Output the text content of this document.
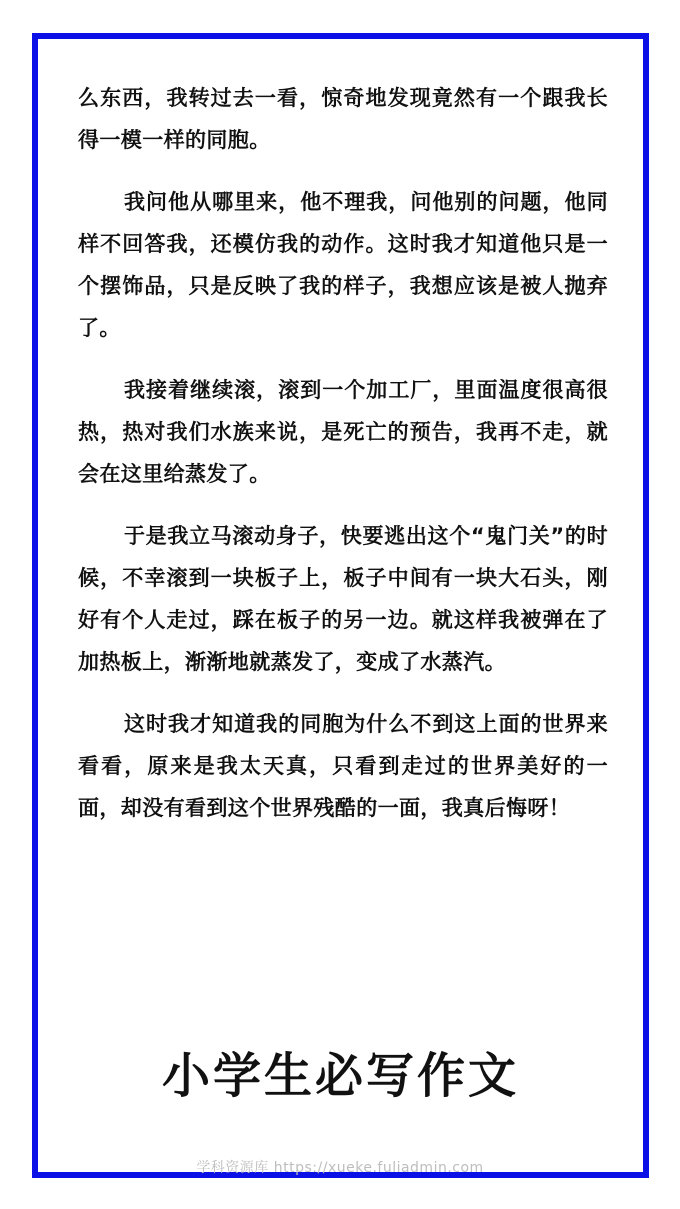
么东西，我转过去一看，惊奇地发现竟然有一个跟我长得一模一样的同胞。

我问他从哪里来，他不理我，问他别的问题，他同样不回答我，还模仿我的动作。这时我才知道他只是一个摆饰品，只是反映了我的样子，我想应该是被人抛弃了。

我接着继续滚，滚到一个加工厂，里面温度很高很热，热对我们水族来说，是死亡的预告，我再不走，就会在这里给蒸发了。

于是我立马滚动身子，快要逃出这个“鬼门关”的时候，不幸滚到一块板子上，板子中间有一块大石头，刚好有个人走过，踩在板子的另一边。就这样我被弹在了加热板上，渐渐地就蒸发了，变成了水蒸汽。

这时我才知道我的同胞为什么不到这上面的世界来看看，原来是我太天真，只看到走过的世界美好的一面，却没有看到这个世界残酷的一面，我真后悔呀！

小学生必写作文
学科资源库 https://xueke.fuliadmin.com
